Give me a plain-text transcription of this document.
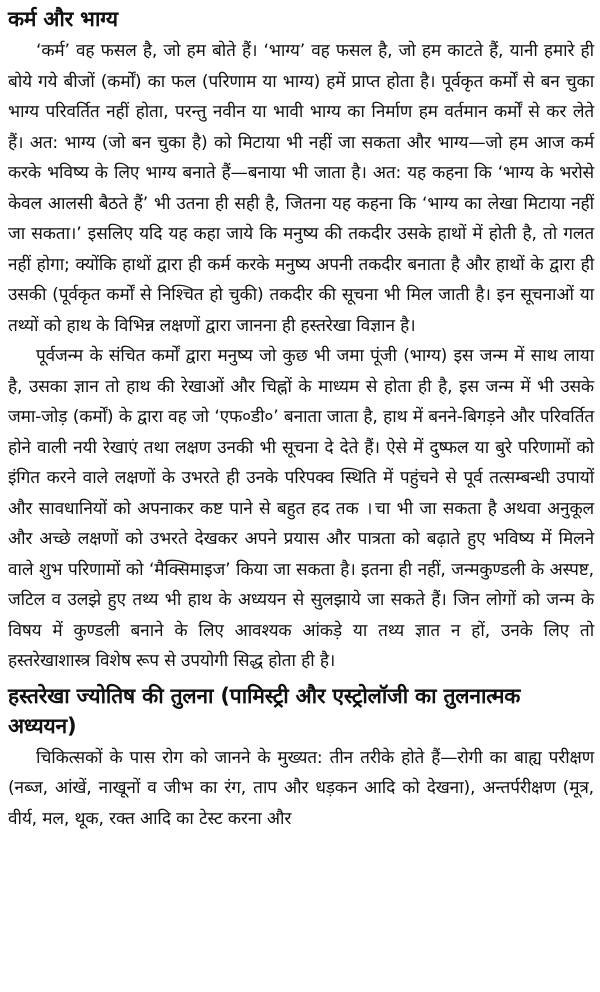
कर्म और भाग्य

‘कर्म’ वह फसल है, जो हम बोते हैं। ‘भाग्य’ वह फसल है, जो हम काटते हैं, यानी हमारे ही बोये गये बीजों (कर्मों) का फल (परिणाम या भाग्य) हमें प्राप्त होता है। पूर्वकृत कर्मों से बन चुका भाग्य परिवर्तित नहीं होता, परन्तु नवीन या भावी भाग्य का निर्माण हम वर्तमान कर्मों से कर लेते हैं। अत: भाग्य (जो बन चुका है) को मिटाया भी नहीं जा सकता और भाग्य—जो हम आज कर्म करके भविष्य के लिए भाग्य बनाते हैं—बनाया भी जाता है। अत: यह कहना कि ‘भाग्य के भरोसे केवल आलसी बैठते हैं’ भी उतना ही सही है, जितना यह कहना कि ‘भाग्य का लेखा मिटाया नहीं जा सकता।’ इसलिए यदि यह कहा जाये कि मनुष्य की तकदीर उसके हाथों में होती है, तो गलत नहीं होगा; क्योंकि हाथों द्वारा ही कर्म करके मनुष्य अपनी तकदीर बनाता है और हाथों के द्वारा ही उसकी (पूर्वकृत कर्मों से निश्चित हो चुकी) तकदीर की सूचना भी मिल जाती है। इन सूचनाओं या तथ्यों को हाथ के विभिन्न लक्षणों द्वारा जानना ही हस्तरेखा विज्ञान है।

पूर्वजन्म के संचित कर्मों द्वारा मनुष्य जो कुछ भी जमा पूंजी (भाग्य) इस जन्म में साथ लाया है, उसका ज्ञान तो हाथ की रेखाओं और चिह्नों के माध्यम से होता ही है, इस जन्म में भी उसके जमा-जोड़ (कर्मों) के द्वारा वह जो ‘एफ०डी०’ बनाता जाता है, हाथ में बनने-बिगड़ने और परिवर्तित होने वाली नयी रेखाएं तथा लक्षण उनकी भी सूचना दे देते हैं। ऐसे में दुष्फल या बुरे परिणामों को इंगित करने वाले लक्षणों के उभरते ही उनके परिपक्व स्थिति में पहुंचने से पूर्व तत्सम्बन्धी उपायों और सावधानियों को अपनाकर कष्ट पाने से बहुत हद तक ꠰चा भी जा सकता है अथवा अनुकूल और अच्छे लक्षणों को उभरते देखकर अपने प्रयास और पात्रता को बढ़ाते हुए भविष्य में मिलने वाले शुभ परिणामों को ‘मैक्सिमाइज’ किया जा सकता है। इतना ही नहीं, जन्मकुण्डली के अस्पष्ट, जटिल व उलझे हुए तथ्य भी हाथ के अध्ययन से सुलझाये जा सकते हैं। जिन लोगों को जन्म के विषय में कुण्डली बनाने के लिए आवश्यक आंकड़े या तथ्य ज्ञात न हों, उनके लिए तो हस्तरेखाशास्त्र विशेष रूप से उपयोगी सिद्ध होता ही है।

हस्तरेखा ज्योतिष की तुलना (पामिस्ट्री और एस्ट्रोलॉजी का तुलनात्मक अध्ययन)

चिकित्सकों के पास रोग को जानने के मुख्यत: तीन तरीके होते हैं—रोगी का बाह्य परीक्षण (नब्ज, आंखें, नाखूनों व जीभ का रंग, ताप और धड़कन आदि को देखना), अन्तर्परीक्षण (मूत्र, वीर्य, मल, थूक, रक्त आदि का टेस्ट करना और
